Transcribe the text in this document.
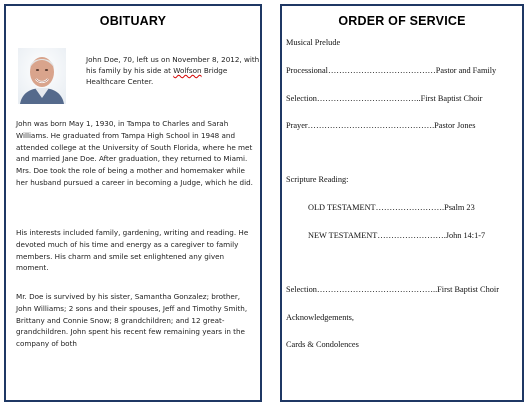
OBITUARY
John Doe, 70, left us on November 8, 2012, with his family by his side at Wolfson Bridge Healthcare Center.

John was born May 1, 1930, in Tampa to Charles and Sarah Williams. He graduated from Tampa High School in 1948 and attended college at the University of South Florida, where he met and married Jane Doe. After graduation, they returned to Miami. Mrs. Doe took the role of being a mother and homemaker while her husband pursued a career in becoming a Judge, which he did.

His interests included family, gardening, writing and reading. He devoted much of his time and energy as a caregiver to family members. His charm and smile set enlightened any given moment.

Mr. Doe is survived by his sister, Samantha Gonzalez; brother, John Williams; 2 sons and their spouses, Jeff and Timothy Smith, Brittany and Connie Snow; 8 grandchildren; and 12 great-grandchildren. John spent his recent few remaining years in the company of both

ORDER OF SERVICE
Musical Prelude
Processional…………………………………Pastor and Family
Selection………………………………..First Baptist Choir
Prayer……………………………………….Pastor Jones
Scripture Reading:
OLD TESTAMENT…………………….Psalm 23
NEW TESTAMENT…………………….John 14:1-7
Selection……………………………………..First Baptist Choir
Acknowledgements,
Cards & Condolences
